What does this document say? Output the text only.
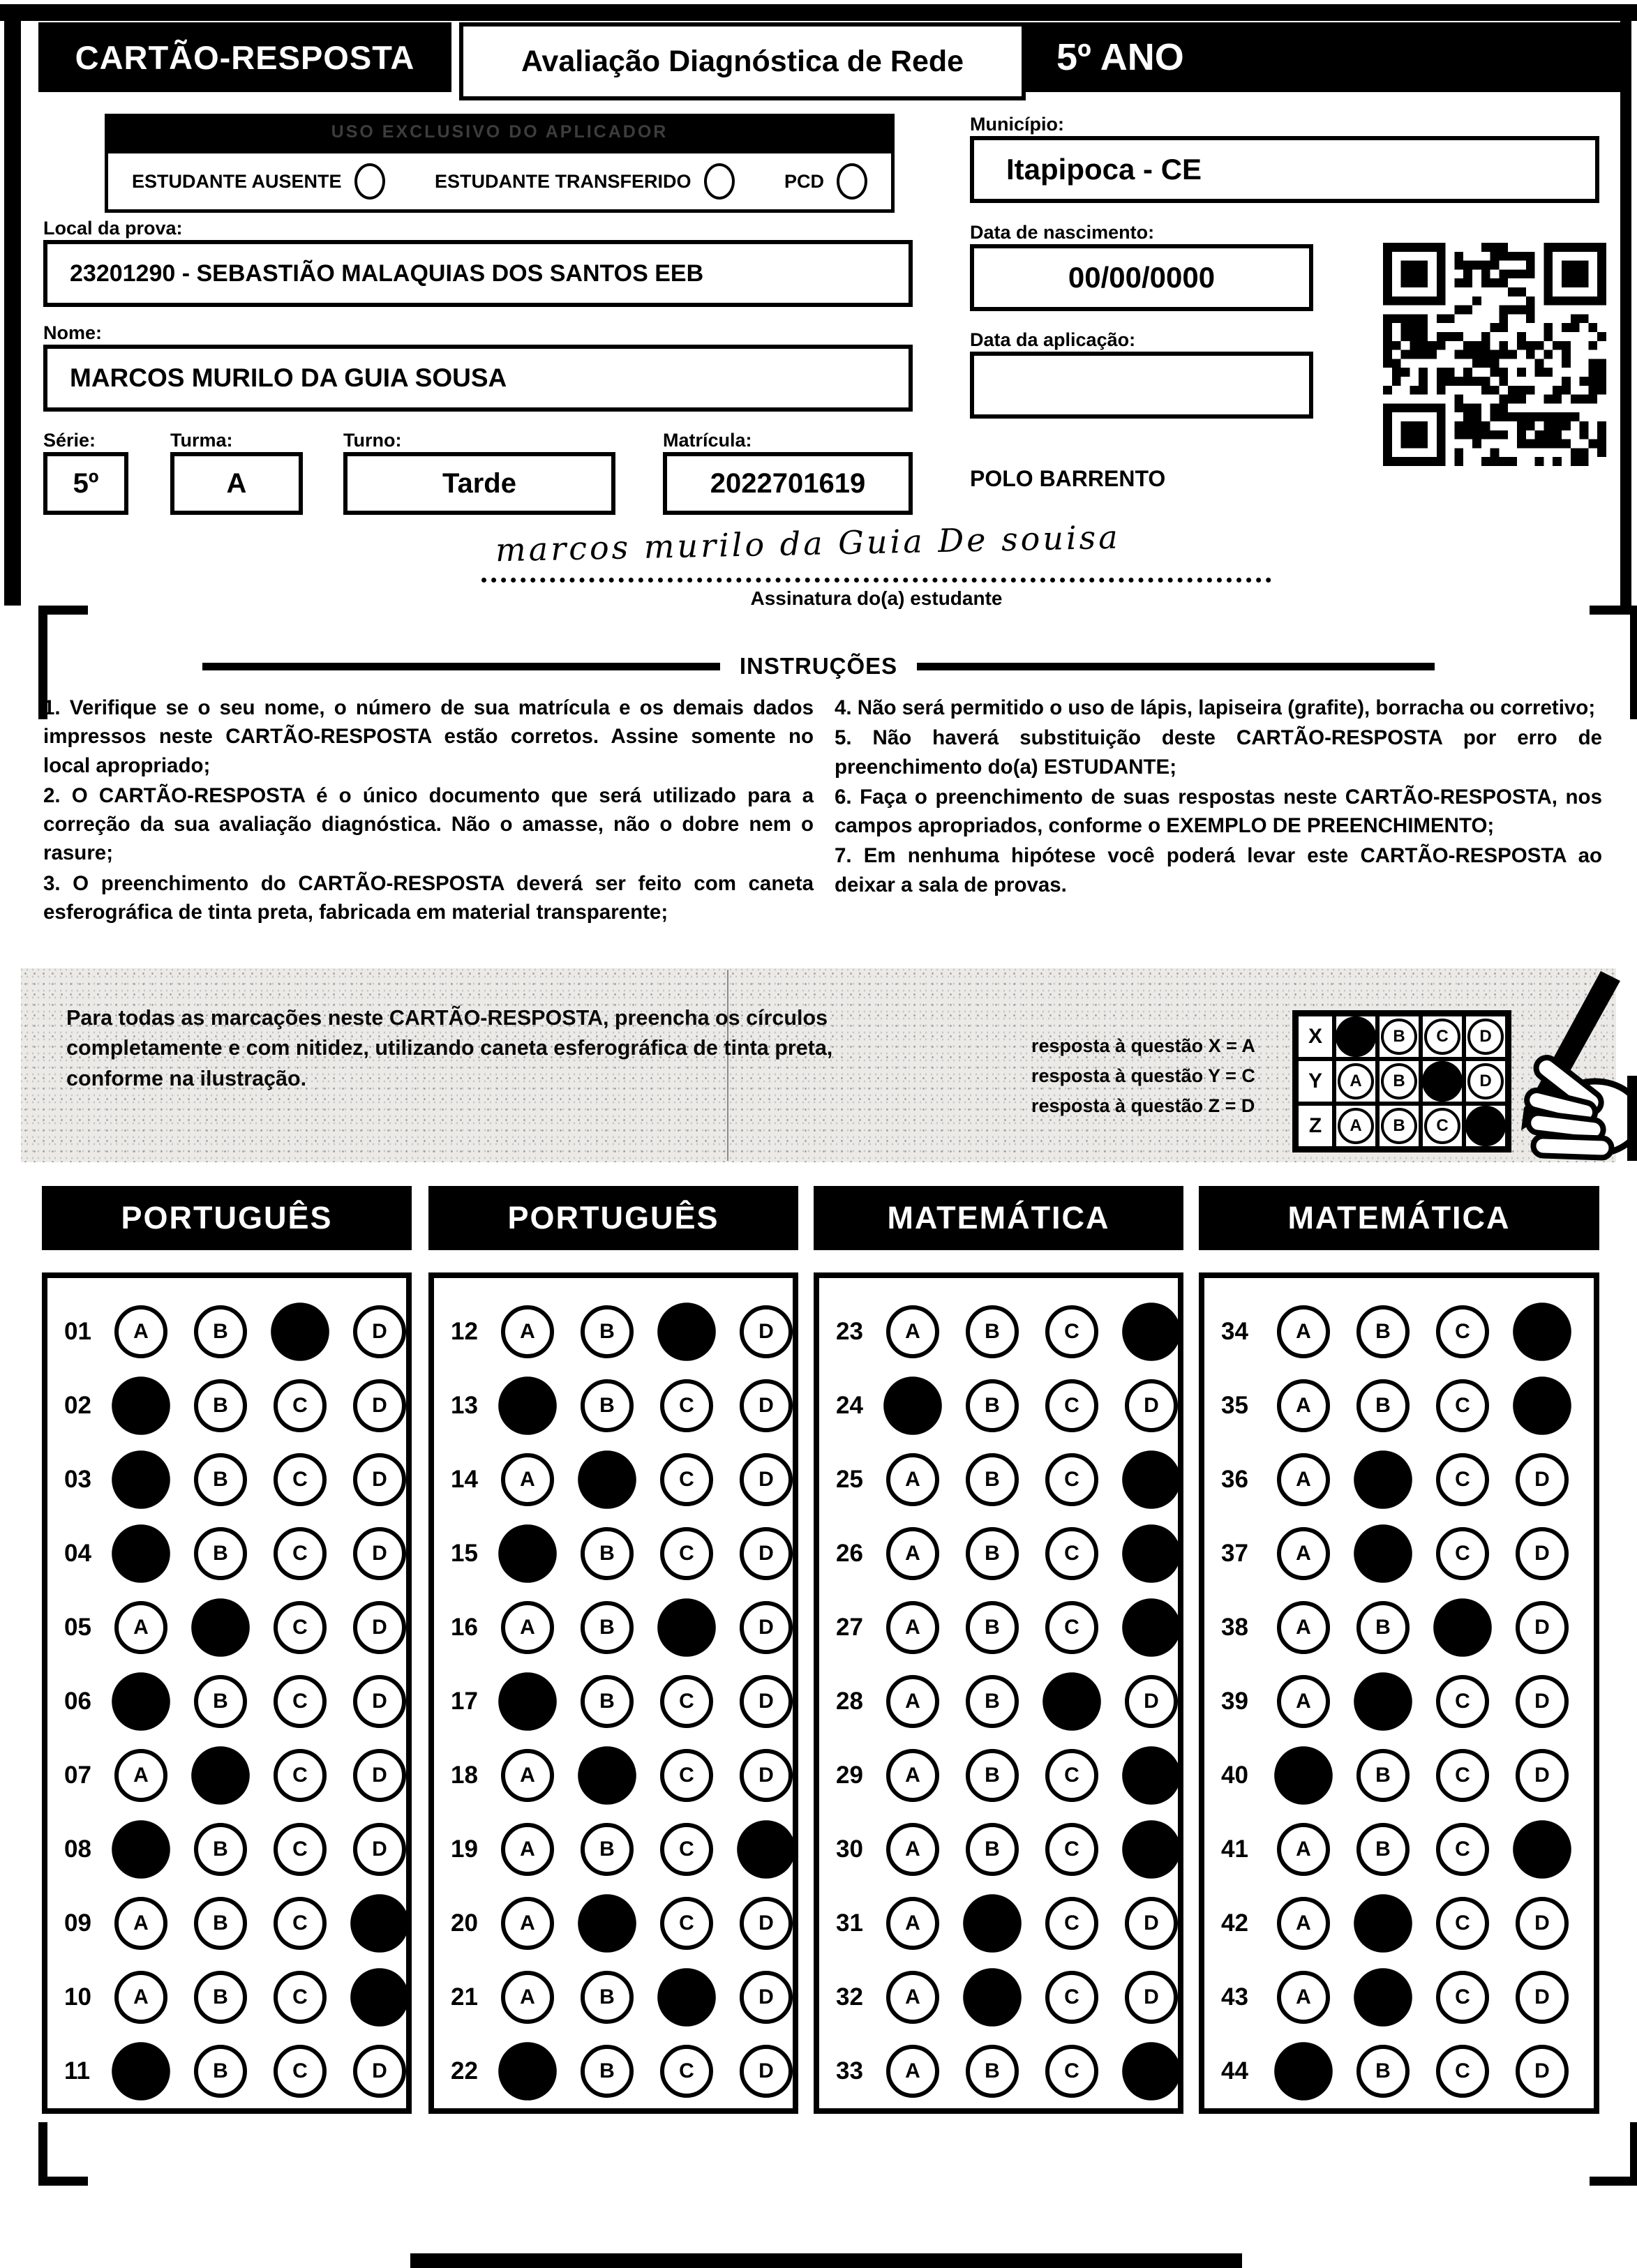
CARTÃO-RESPOSTA	Avaliação Diagnóstica de Rede 5º ANO
USO EXCLUSIVO DO APLICADOR
ESTUDANTE AUSENTE	ESTUDANTE TRANSFERIDO	PCD
Local da prova:
23201290 - SEBASTIÃO MALAQUIAS DOS SANTOS EEB
Nome:
MARCOS MURILO DA GUIA SOUSA
Série:
5º
Turma:
A
Turno:
Tarde
Matrícula:
2022701619
Município:
Itapipoca - CE
Data de nascimento:
00/00/0000
Data da aplicação:
POLO BARRENTO
marcos murilo da Guia De souisa
Assinatura do(a) estudante
INSTRUÇÕES

1. Verifique se o seu nome, o número de sua matrícula e os demais dados impressos neste CARTÃO-RESPOSTA estão corretos. Assine somente no local apropriado;

2. O CARTÃO-RESPOSTA é o único documento que será utilizado para a correção da sua avaliação diagnóstica. Não o amasse, não o dobre nem o rasure;

3. O preenchimento do CARTÃO-RESPOSTA deverá ser feito com caneta esferográfica de tinta preta, fabricada em material transparente;

4. Não será permitido o uso de lápis, lapiseira (grafite), borracha ou corretivo;

5. Não haverá substituição deste CARTÃO-RESPOSTA por erro de preenchimento do(a) ESTUDANTE;

6. Faça o preenchimento de suas respostas neste CARTÃO-RESPOSTA, nos campos apropriados, conforme o EXEMPLO DE PREENCHIMENTO;

7. Em nenhuma hipótese você poderá levar este CARTÃO-RESPOSTA ao deixar a sala de provas.

Para todas as marcações neste CARTÃO-RESPOSTA, preencha os círculos completamente e com nitidez, utilizando caneta esferográfica de tinta preta, conforme na ilustração.
resposta à questão X = A
resposta à questão Y = C
resposta à questão Z = D
X	B	C	D
Y	A	B	D
Z	A	B	C
PORTUGUÊS
01	A	B	D
02	B	C	D
03	B	C	D
04	B	C	D
05	A	C	D
06	B	C	D
07	A	C	D
08	B	C	D
09	A	B	C
10	A	B	C
11	B	C	D
PORTUGUÊS
12	A	B	D
13	B	C	D
14	A	C	D
15	B	C	D
16	A	B	D
17	B	C	D
18	A	C	D
19	A	B	C
20	A	C	D
21	A	B	D
22	B	C	D
MATEMÁTICA
23	A	B	C
24	B	C	D
25	A	B	C
26	A	B	C
27	A	B	C
28	A	B	D
29	A	B	C
30	A	B	C
31	A	C	D
32	A	C	D
33	A	B	C
MATEMÁTICA
34	A	B	C
35	A	B	C
36	A	C	D
37	A	C	D
38	A	B	D
39	A	C	D
40	B	C	D
41	A	B	C
42	A	C	D
43	A	C	D
44	B	C	D
